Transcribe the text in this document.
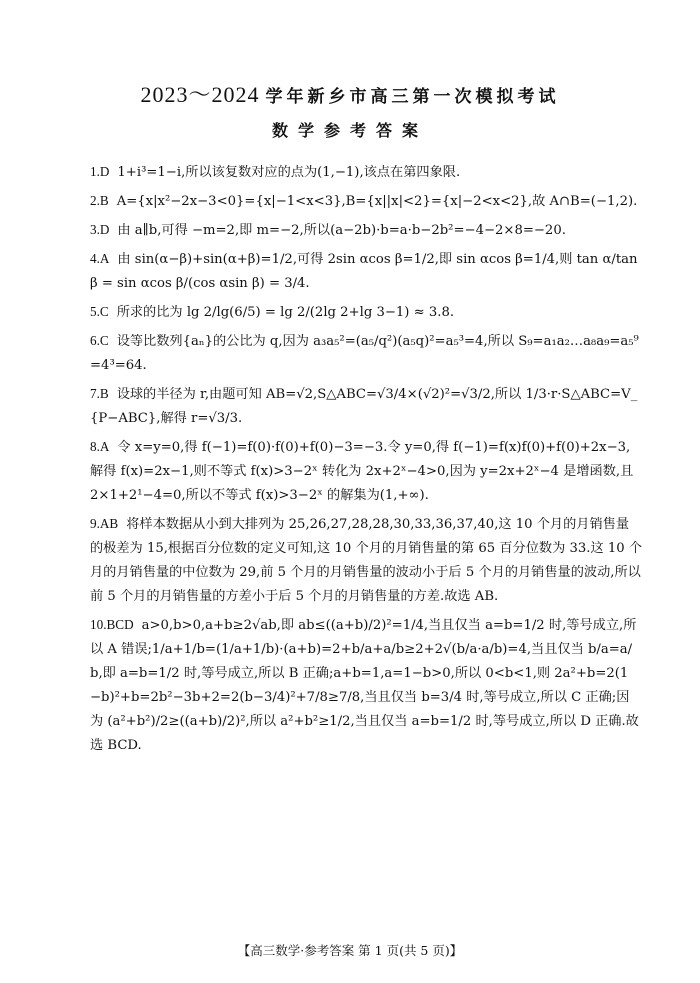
2023～2024 学年新乡市高三第一次模拟考试
数学参考答案
1.D 1+i³=1−i,所以该复数对应的点为(1,−1),该点在第四象限.
2.B A={x|x²−2x−3<0}={x|−1<x<3},B={x||x|<2}={x|−2<x<2},故 A∩B=(−1,2).
3.D 由 a∥b,可得 −m=2,即 m=−2,所以(a−2b)·b=a·b−2b²=−4−2×8=−20.
4.A 由 sin(α−β)+sin(α+β)=1/2,可得 2sin αcos β=1/2,即 sin αcos β=1/4,则 tan α/tan β = sin αcos β/(cos αsin β) = 3/4.
5.C 所求的比为 lg 2/lg(6/5) = lg 2/(2lg 2+lg 3−1) ≈ 3.8.
6.C 设等比数列{aₙ}的公比为 q,因为 a₃a₅²=(a₅/q²)(a₅q)²=a₅³=4,所以 S₉=a₁a₂…a₈a₉=a₅⁹=4³=64.
7.B 设球的半径为 r,由题可知 AB=√2,S△ABC=√3/4×(√2)²=√3/2,所以 1/3·r·S△ABC=V_{P−ABC},解得 r=√3/3.
8.A 令 x=y=0,得 f(−1)=f(0)·f(0)+f(0)−3=−3.令 y=0,得 f(−1)=f(x)f(0)+f(0)+2x−3,解得 f(x)=2x−1,则不等式 f(x)>3−2ˣ 转化为 2x+2ˣ−4>0,因为 y=2x+2ˣ−4 是增函数,且 2×1+2¹−4=0,所以不等式 f(x)>3−2ˣ 的解集为(1,+∞).
9.AB 将样本数据从小到大排列为 25,26,27,28,28,30,33,36,37,40,这 10 个月的月销售量的极差为 15,根据百分位数的定义可知,这 10 个月的月销售量的第 65 百分位数为 33.这 10 个月的月销售量的中位数为 29,前 5 个月的月销售量的波动小于后 5 个月的月销售量的波动,所以前 5 个月的月销售量的方差小于后 5 个月的月销售量的方差.故选 AB.
10.BCD a>0,b>0,a+b≥2√ab,即 ab≤((a+b)/2)²=1/4,当且仅当 a=b=1/2 时,等号成立,所以 A 错误;1/a+1/b=(1/a+1/b)·(a+b)=2+b/a+a/b≥2+2√(b/a·a/b)=4,当且仅当 b/a=a/b,即 a=b=1/2 时,等号成立,所以 B 正确;a+b=1,a=1−b>0,所以 0<b<1,则 2a²+b=2(1−b)²+b=2b²−3b+2=2(b−3/4)²+7/8≥7/8,当且仅当 b=3/4 时,等号成立,所以 C 正确;因为 (a²+b²)/2≥((a+b)/2)²,所以 a²+b²≥1/2,当且仅当 a=b=1/2 时,等号成立,所以 D 正确.故选 BCD.
【高三数学·参考答案 第 1 页(共 5 页)】
